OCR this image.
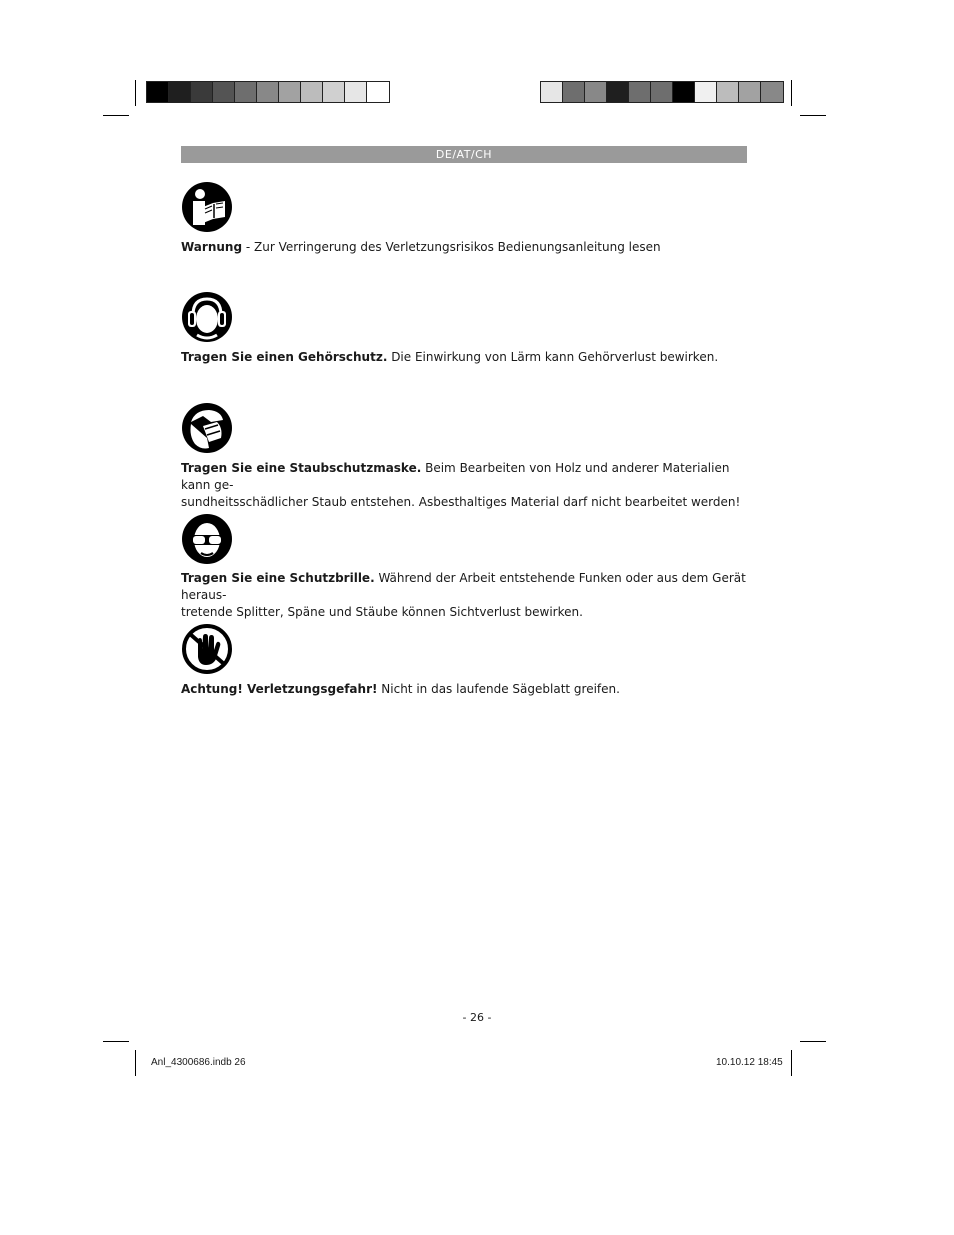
DE/AT/CH
Warnung - Zur Verringerung des Verletzungsrisikos Bedienungsanleitung lesen
Tragen Sie einen Gehörschutz. Die Einwirkung von Lärm kann Gehörverlust bewirken.
Tragen Sie eine Staubschutzmaske. Beim Bearbeiten von Holz und anderer Materialien kann ge-
sundheitsschädlicher Staub entstehen. Asbesthaltiges Material darf nicht bearbeitet werden!
Tragen Sie eine Schutzbrille. Während der Arbeit entstehende Funken oder aus dem Gerät heraus-
tretende Splitter, Späne und Stäube können Sichtverlust bewirken.
Achtung! Verletzungsgefahr! Nicht in das laufende Sägeblatt greifen.
- 26 -
Anl_4300686.indb 26	10.10.12 18:45
